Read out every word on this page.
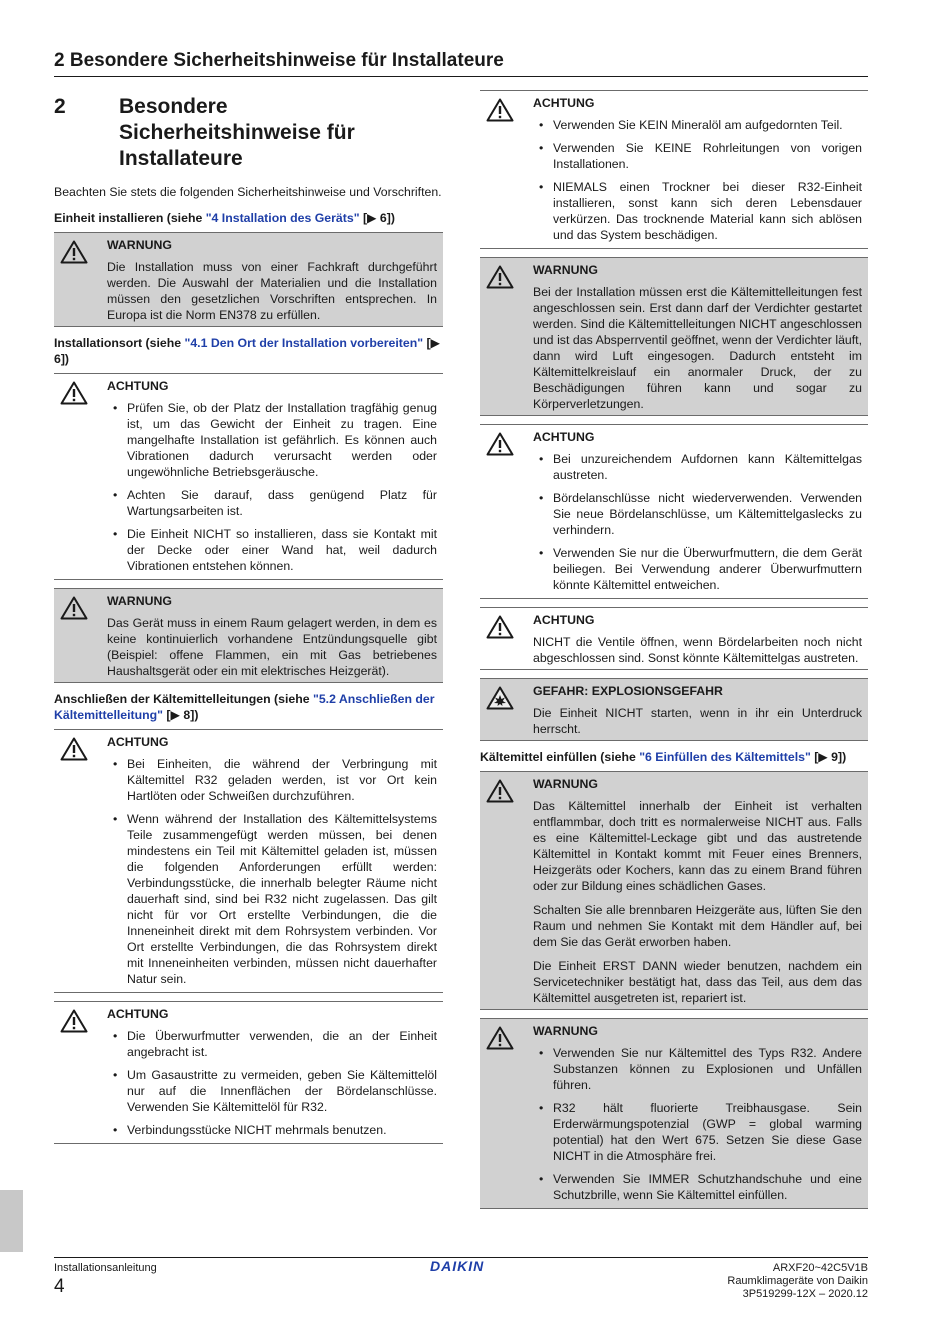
2 Besondere Sicherheitshinweise für Installateure
2	Besondere Sicherheitshinweise für Installateure
Beachten Sie stets die folgenden Sicherheitshinweise und Vorschriften.
Einheit installieren (siehe "4 Installation des Geräts" [▶ 6])
WARNUNG
Die Installation muss von einer Fachkraft durchgeführt werden. Die Auswahl der Materialien und die Installation müssen den gesetzlichen Vorschriften entsprechen. In Europa ist die Norm EN378 zu erfüllen.
Installationsort (siehe "4.1 Den Ort der Installation vorbereiten" [▶ 6])
ACHTUNG
• Prüfen Sie, ob der Platz der Installation tragfähig genug ist, um das Gewicht der Einheit zu tragen. Eine mangelhafte Installation ist gefährlich. Es können auch Vibrationen dadurch verursacht werden oder ungewöhnliche Betriebsgeräusche.
• Achten Sie darauf, dass genügend Platz für Wartungsarbeiten ist.
• Die Einheit NICHT so installieren, dass sie Kontakt mit der Decke oder einer Wand hat, weil dadurch Vibrationen entstehen können.
WARNUNG
Das Gerät muss in einem Raum gelagert werden, in dem es keine kontinuierlich vorhandene Entzündungsquelle gibt (Beispiel: offene Flammen, ein mit Gas betriebenes Haushaltsgerät oder ein mit elektrisches Heizgerät).
Anschließen der Kältemittelleitungen (siehe "5.2 Anschließen der Kältemittelleitung" [▶ 8])
ACHTUNG
• Bei Einheiten, die während der Verbringung mit Kältemittel R32 geladen werden, ist vor Ort kein Hartlöten oder Schweißen durchzuführen.
• Wenn während der Installation des Kältemittelsystems Teile zusammengefügt werden müssen, bei denen mindestens ein Teil mit Kältemittel geladen ist, müssen die folgenden Anforderungen erfüllt werden: Verbindungsstücke, die innerhalb belegter Räume nicht dauerhaft sind, sind bei R32 nicht zugelassen. Das gilt nicht für vor Ort erstellte Verbindungen, die die Inneneinheit direkt mit dem Rohrsystem verbinden. Vor Ort erstellte Verbindungen, die das Rohrsystem direkt mit Inneneinheiten verbinden, müssen nicht dauerhafter Natur sein.
ACHTUNG
• Die Überwurfmutter verwenden, die an der Einheit angebracht ist.
• Um Gasaustritte zu vermeiden, geben Sie Kältemittelöl nur auf die Innenflächen der Bördelanschlüsse. Verwenden Sie Kältemittelöl für R32.
• Verbindungsstücke NICHT mehrmals benutzen.
ACHTUNG
• Verwenden Sie KEIN Mineralöl am aufgedornten Teil.
• Verwenden Sie KEINE Rohrleitungen von vorigen Installationen.
• NIEMALS einen Trockner bei dieser R32-Einheit installieren, sonst kann sich deren Lebensdauer verkürzen. Das trocknende Material kann sich ablösen und das System beschädigen.
WARNUNG
Bei der Installation müssen erst die Kältemittelleitungen fest angeschlossen sein. Erst dann darf der Verdichter gestartet werden. Sind die Kältemittelleitungen NICHT angeschlossen und ist das Absperrventil geöffnet, wenn der Verdichter läuft, dann wird Luft eingesogen. Dadurch entsteht im Kältemittelkreislauf ein anormaler Druck, der zu Beschädigungen führen kann und sogar zu Körperverletzungen.
ACHTUNG
• Bei unzureichendem Aufdornen kann Kältemittelgas austreten.
• Bördelanschlüsse nicht wiederverwenden. Verwenden Sie neue Bördelanschlüsse, um Kältemittelgaslecks zu verhindern.
• Verwenden Sie nur die Überwurfmuttern, die dem Gerät beiliegen. Bei Verwendung anderer Überwurfmuttern könnte Kältemittel entweichen.
ACHTUNG
NICHT die Ventile öffnen, wenn Bördelarbeiten noch nicht abgeschlossen sind. Sonst könnte Kältemittelgas austreten.
GEFAHR: EXPLOSIONSGEFAHR
Die Einheit NICHT starten, wenn in ihr ein Unterdruck herrscht.
Kältemittel einfüllen (siehe "6 Einfüllen des Kältemittels" [▶ 9])
WARNUNG
Das Kältemittel innerhalb der Einheit ist verhalten entflammbar, doch tritt es normalerweise NICHT aus. Falls es eine Kältemittel-Leckage gibt und das austretende Kältemittel in Kontakt kommt mit Feuer eines Brenners, Heizgeräts oder Kochers, kann das zu einem Brand führen oder zur Bildung eines schädlichen Gases.
Schalten Sie alle brennbaren Heizgeräte aus, lüften Sie den Raum und nehmen Sie Kontakt mit dem Händler auf, bei dem Sie das Gerät erworben haben.
Die Einheit ERST DANN wieder benutzen, nachdem ein Servicetechniker bestätigt hat, dass das Teil, aus dem das Kältemittel ausgetreten ist, repariert ist.
WARNUNG
• Verwenden Sie nur Kältemittel des Typs R32. Andere Substanzen können zu Explosionen und Unfällen führen.
• R32 hält fluorierte Treibhausgase. Sein Erderwärmungspotenzial (GWP = global warming potential) hat den Wert 675. Setzen Sie diese Gase NICHT in die Atmosphäre frei.
• Verwenden Sie IMMER Schutzhandschuhe und eine Schutzbrille, wenn Sie Kältemittel einfüllen.
Installationsanleitung
4
DAIKIN	ARXF20~42C5V1B
Raumklimageräte von Daikin
3P519299-12X – 2020.12
